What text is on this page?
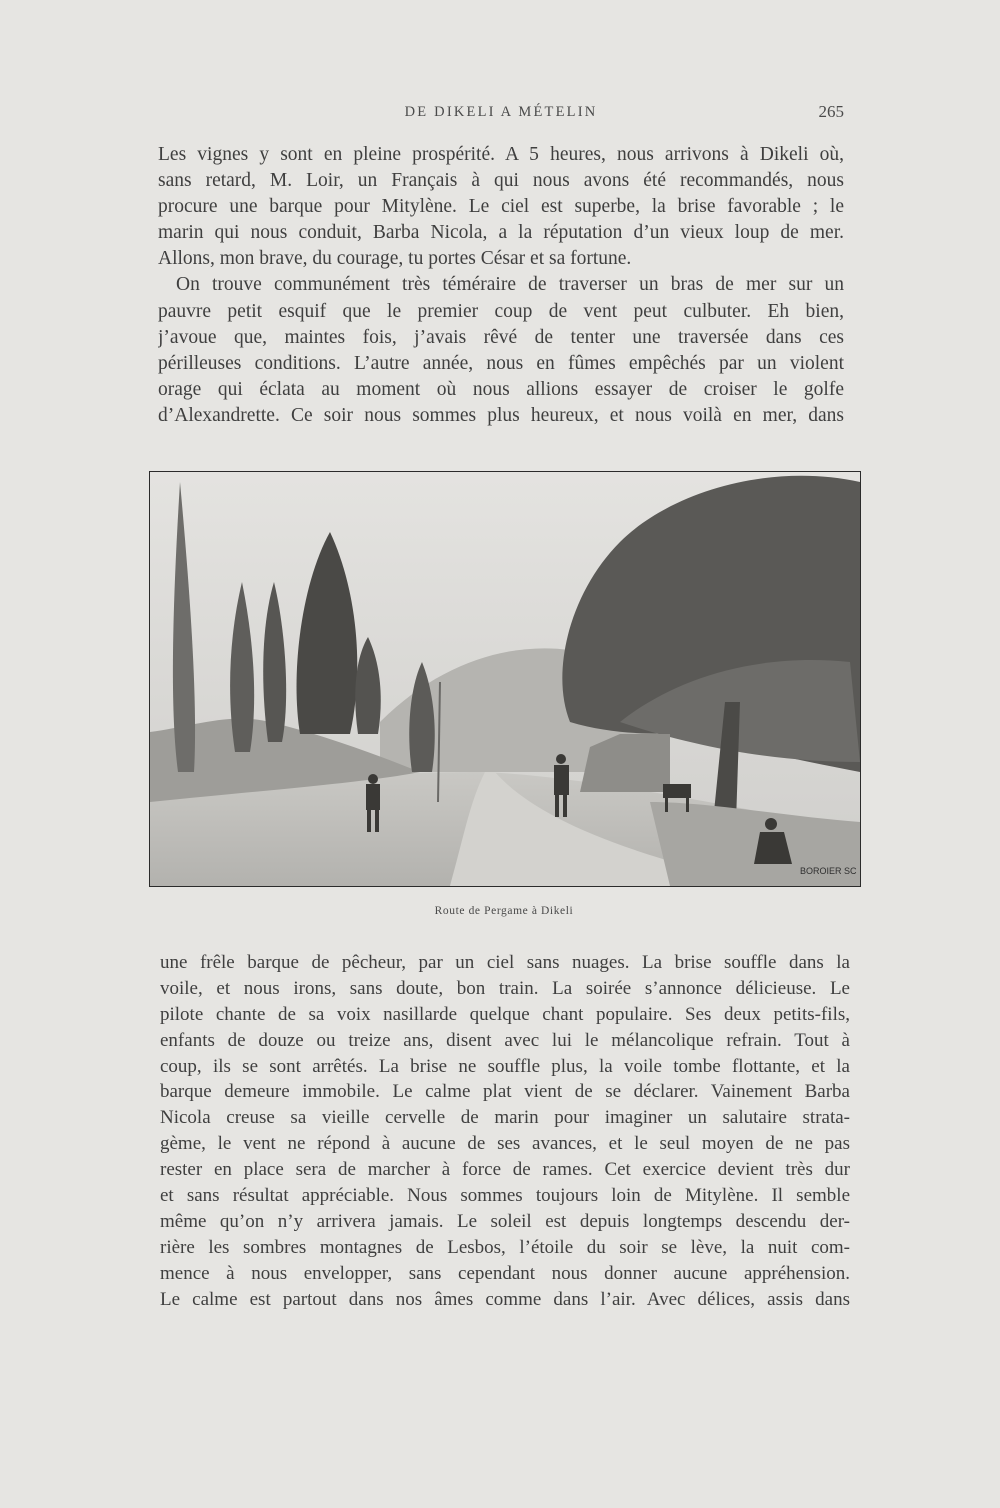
DE DIKELI A MÉTELIN	265
Les vignes y sont en pleine prospérité. A 5 heures, nous arrivons à Dikeli où,
sans retard, M. Loir, un Français à qui nous avons été recommandés, nous
procure une barque pour Mitylène. Le ciel est superbe, la brise favorable ; le
marin qui nous conduit, Barba Nicola, a la réputation d’un vieux loup de mer.
Allons, mon brave, du courage, tu portes César et sa fortune.
On trouve communément très téméraire de traverser un bras de mer sur un
pauvre petit esquif que le premier coup de vent peut culbuter. Eh bien,
j’avoue que, maintes fois, j’avais rêvé de tenter une traversée dans ces
périlleuses conditions. L’autre année, nous en fûmes empêchés par un violent
orage qui éclata au moment où nous allions essayer de croiser le golfe
d’Alexandrette. Ce soir nous sommes plus heureux, et nous voilà en mer, dans
BOROIER SC
Route de Pergame à Dikeli
une frêle barque de pêcheur, par un ciel sans nuages. La brise souffle dans la
voile, et nous irons, sans doute, bon train. La soirée s’annonce délicieuse. Le
pilote chante de sa voix nasillarde quelque chant populaire. Ses deux petits-fils,
enfants de douze ou treize ans, disent avec lui le mélancolique refrain. Tout à
coup, ils se sont arrêtés. La brise ne souffle plus, la voile tombe flottante, et la
barque demeure immobile. Le calme plat vient de se déclarer. Vainement Barba
Nicola creuse sa vieille cervelle de marin pour imaginer un salutaire strata-
gème, le vent ne répond à aucune de ses avances, et le seul moyen de ne pas
rester en place sera de marcher à force de rames. Cet exercice devient très dur
et sans résultat appréciable. Nous sommes toujours loin de Mitylène. Il semble
même qu’on n’y arrivera jamais. Le soleil est depuis longtemps descendu der-
rière les sombres montagnes de Lesbos, l’étoile du soir se lève, la nuit com-
mence à nous envelopper, sans cependant nous donner aucune appréhension.
Le calme est partout dans nos âmes comme dans l’air. Avec délices, assis dans
